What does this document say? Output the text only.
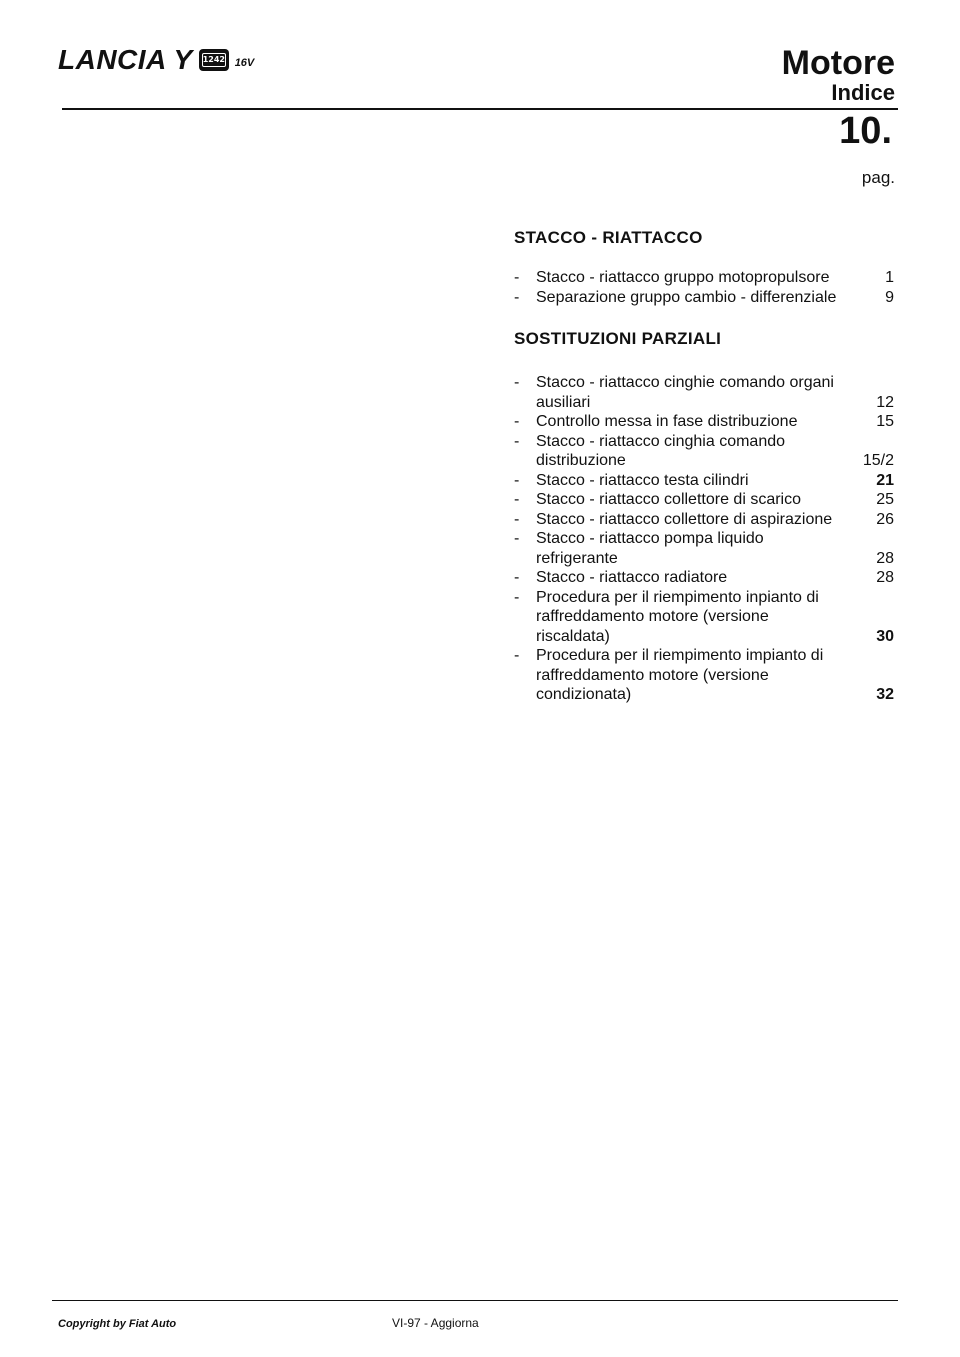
LANCIA Y 1242 16V	Motore
Indice
10.
pag.
STACCO - RIATTACCO
-	Stacco - riattacco gruppo motopropulsore	1
-	Separazione gruppo cambio - differenziale	9
SOSTITUZIONI PARZIALI
-	Stacco - riattacco cinghie comando organi ausiliari	12
-	Controllo messa in fase distribuzione	15
-	Stacco - riattacco cinghia comando distribuzione	15/2
-	Stacco - riattacco testa cilindri	21
-	Stacco - riattacco collettore di scarico	25
-	Stacco - riattacco collettore di aspirazione	26
-	Stacco - riattacco pompa liquido refrigerante	28
-	Stacco - riattacco radiatore	28
-	Procedura per il riempimento inpianto di raffreddamento motore (versione riscaldata)	30
-	Procedura per il riempimento impianto di raffreddamento motore (versione condizionata)	32
Copyright by Fiat Auto	VI-97 - Aggiorna
